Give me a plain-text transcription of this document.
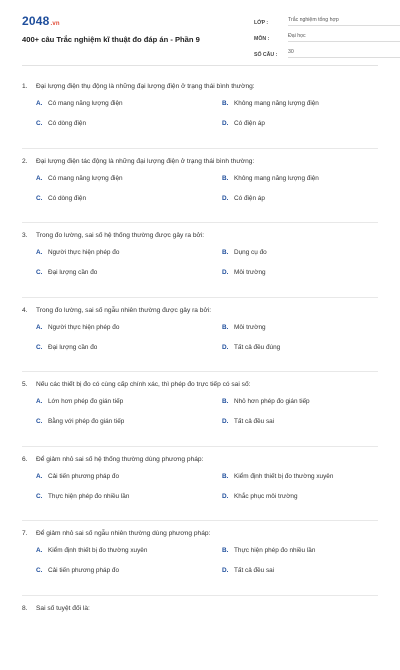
2048.vn
400+ câu Trắc nghiệm kĩ thuật đo đáp án - Phần 9
LỚP :	Trắc nghiệm tổng hợp
MÔN :	Đại học
SỐ CÂU :	30
1.	Đại lượng điện thụ động là những đại lượng điện ở trạng thái bình thường:
A. Có mang năng lượng điện	B. Không mang năng lượng điện
C. Có dòng điện	D. Có điện áp
2.	Đại lượng điện tác động là những đại lượng điện ở trạng thái bình thường:
A. Có mang năng lượng điện	B. Không mang năng lượng điện
C. Có dòng điện	D. Có điện áp
3.	Trong đo lường, sai số hệ thống thường được gây ra bởi:
A. Người thực hiện phép đo	B. Dụng cụ đo
C. Đại lượng cần đo	D. Môi trường
4.	Trong đo lường, sai số ngẫu nhiên thường được gây ra bởi:
A. Người thực hiện phép đo	B. Môi trường
C. Đại lượng cần đo	D. Tất cả đều đúng
5.	Nếu các thiết bị đo có cùng cấp chính xác, thì phép đo trực tiếp có sai số:
A. Lớn hơn phép đo gián tiếp	B. Nhỏ hơn phép đo gián tiếp
C. Bằng với phép đo gián tiếp	D. Tất cả đều sai
6.	Để giảm nhỏ sai số hệ thống thường dùng phương pháp:
A. Cải tiến phương pháp đo	B. Kiểm định thiết bị đo thường xuyên
C. Thực hiện phép đo nhiều lần	D. Khắc phục môi trường
7.	Để giảm nhỏ sai số ngẫu nhiên thường dùng phương pháp:
A. Kiểm định thiết bị đo thường xuyên	B. Thực hiện phép đo nhiều lần
C. Cải tiến phương pháp đo	D. Tất cả đều sai
8.	Sai số tuyệt đối là:
